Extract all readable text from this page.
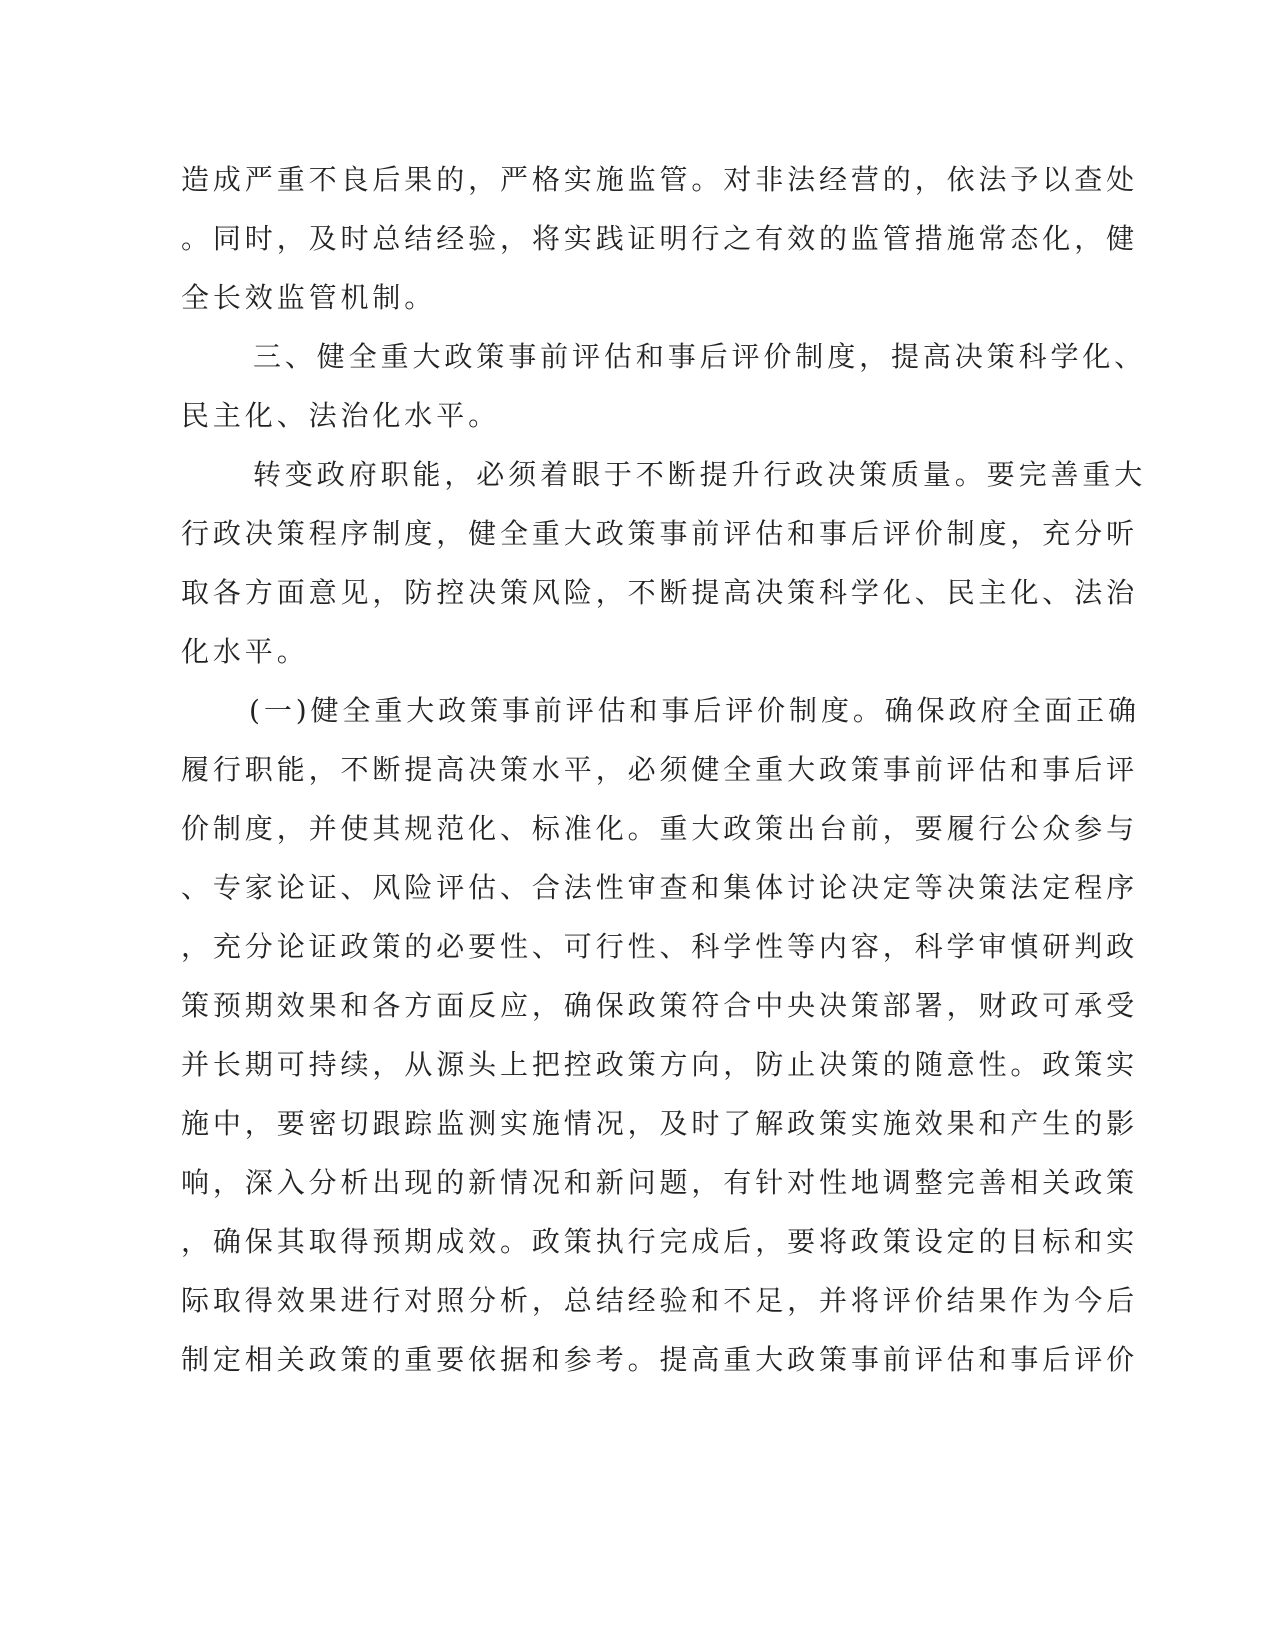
造成严重不良后果的，严格实施监管。对非法经营的，依法予以查处
。同时，及时总结经验，将实践证明行之有效的监管措施常态化，健
全长效监管机制。
三、健全重大政策事前评估和事后评价制度，提高决策科学化、
民主化、法治化水平。
转变政府职能，必须着眼于不断提升行政决策质量。要完善重大
行政决策程序制度，健全重大政策事前评估和事后评价制度，充分听
取各方面意见，防控决策风险，不断提高决策科学化、民主化、法治
化水平。
(一)健全重大政策事前评估和事后评价制度。确保政府全面正确
履行职能，不断提高决策水平，必须健全重大政策事前评估和事后评
价制度，并使其规范化、标准化。重大政策出台前，要履行公众参与
、专家论证、风险评估、合法性审查和集体讨论决定等决策法定程序
，充分论证政策的必要性、可行性、科学性等内容，科学审慎研判政
策预期效果和各方面反应，确保政策符合中央决策部署，财政可承受
并长期可持续，从源头上把控政策方向，防止决策的随意性。政策实
施中，要密切跟踪监测实施情况，及时了解政策实施效果和产生的影
响，深入分析出现的新情况和新问题，有针对性地调整完善相关政策
，确保其取得预期成效。政策执行完成后，要将政策设定的目标和实
际取得效果进行对照分析，总结经验和不足，并将评价结果作为今后
制定相关政策的重要依据和参考。提高重大政策事前评估和事后评价
